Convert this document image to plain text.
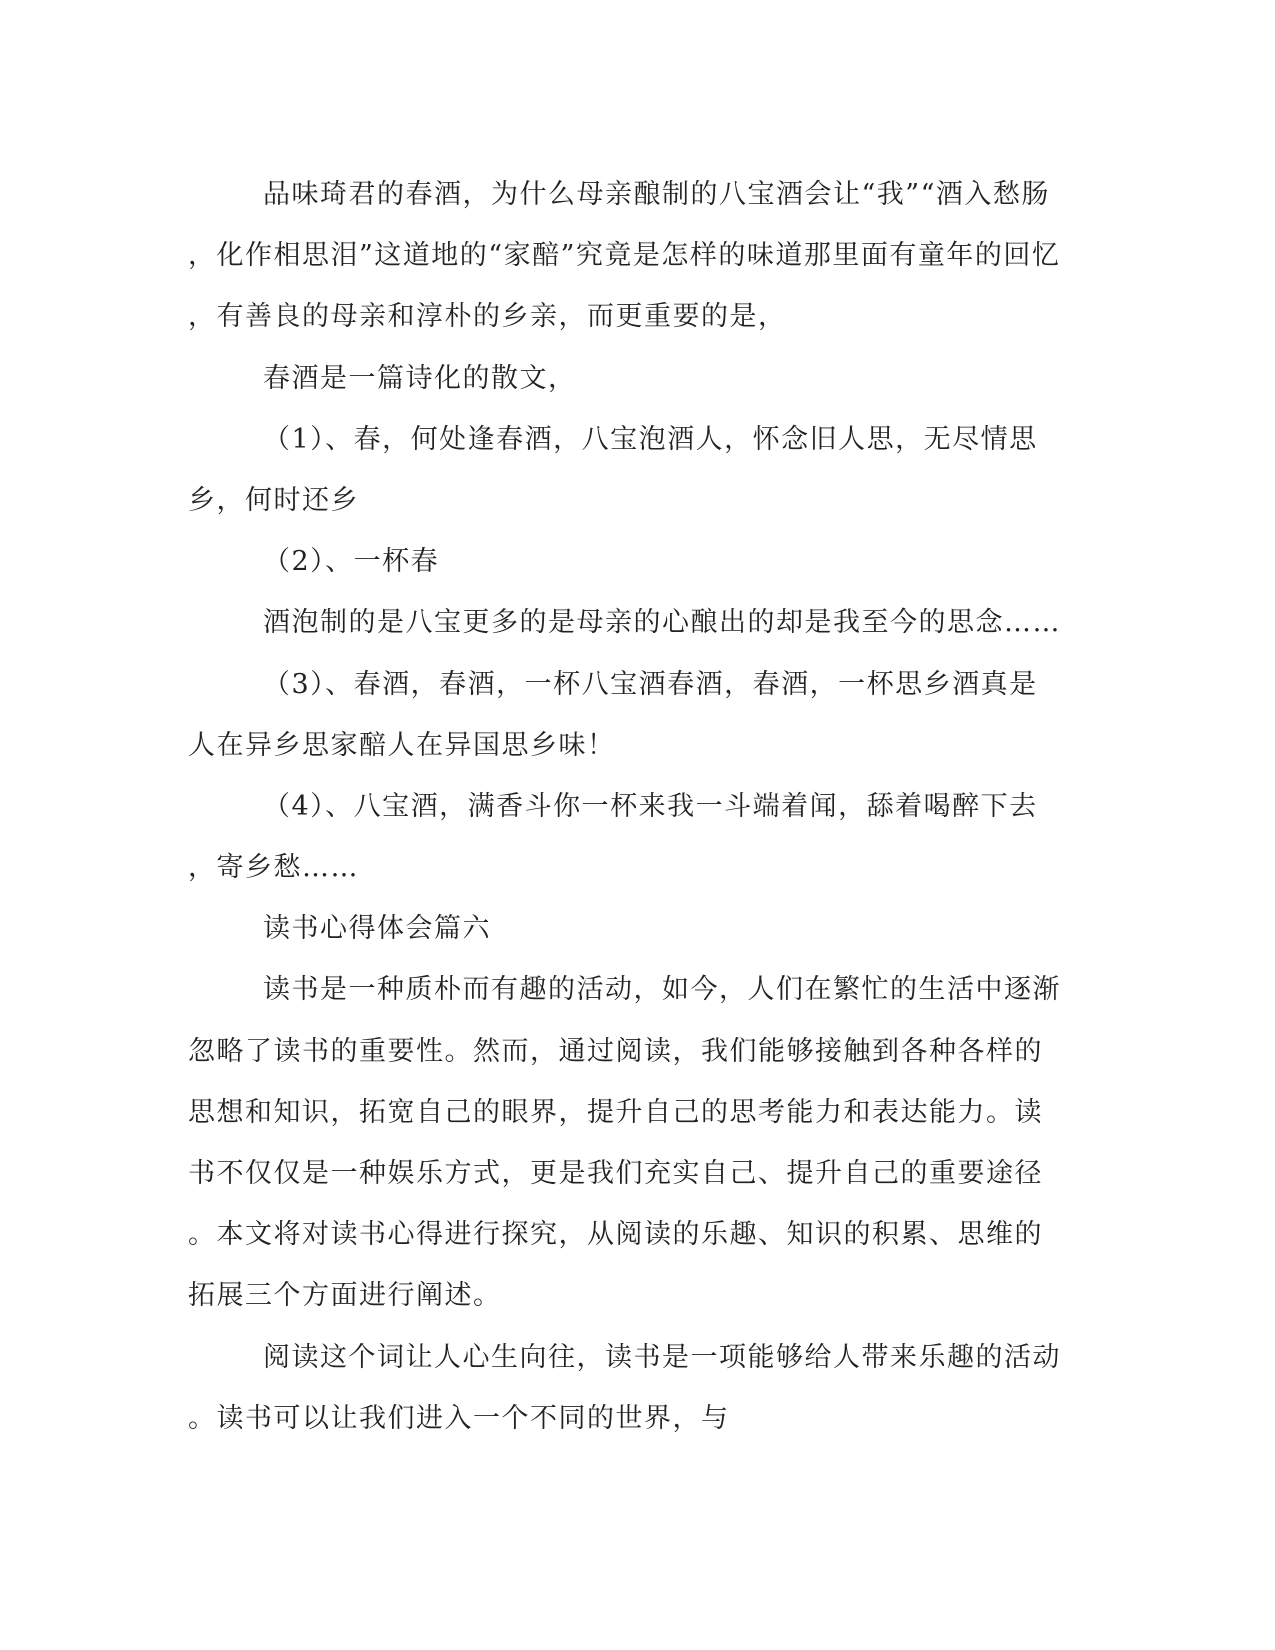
品味琦君的春酒，为什么母亲酿制的八宝酒会让“我”“酒入愁肠
，化作相思泪”这道地的“家醅”究竟是怎样的味道那里面有童年的回忆
，有善良的母亲和淳朴的乡亲，而更重要的是，
春酒是一篇诗化的散文，
（1）、春，何处逢春酒，八宝泡酒人，怀念旧人思，无尽情思
乡，何时还乡
（2）、一杯春
酒泡制的是八宝更多的是母亲的心酿出的却是我至今的思念……
（3）、春酒，春酒，一杯八宝酒春酒，春酒，一杯思乡酒真是
人在异乡思家醅人在异国思乡味！
（4）、八宝酒，满香斗你一杯来我一斗端着闻，舔着喝醉下去
，寄乡愁……
读书心得体会篇六
读书是一种质朴而有趣的活动，如今，人们在繁忙的生活中逐渐
忽略了读书的重要性。然而，通过阅读，我们能够接触到各种各样的
思想和知识，拓宽自己的眼界，提升自己的思考能力和表达能力。读
书不仅仅是一种娱乐方式，更是我们充实自己、提升自己的重要途径
。本文将对读书心得进行探究，从阅读的乐趣、知识的积累、思维的
拓展三个方面进行阐述。
阅读这个词让人心生向往，读书是一项能够给人带来乐趣的活动
。读书可以让我们进入一个不同的世界，与
